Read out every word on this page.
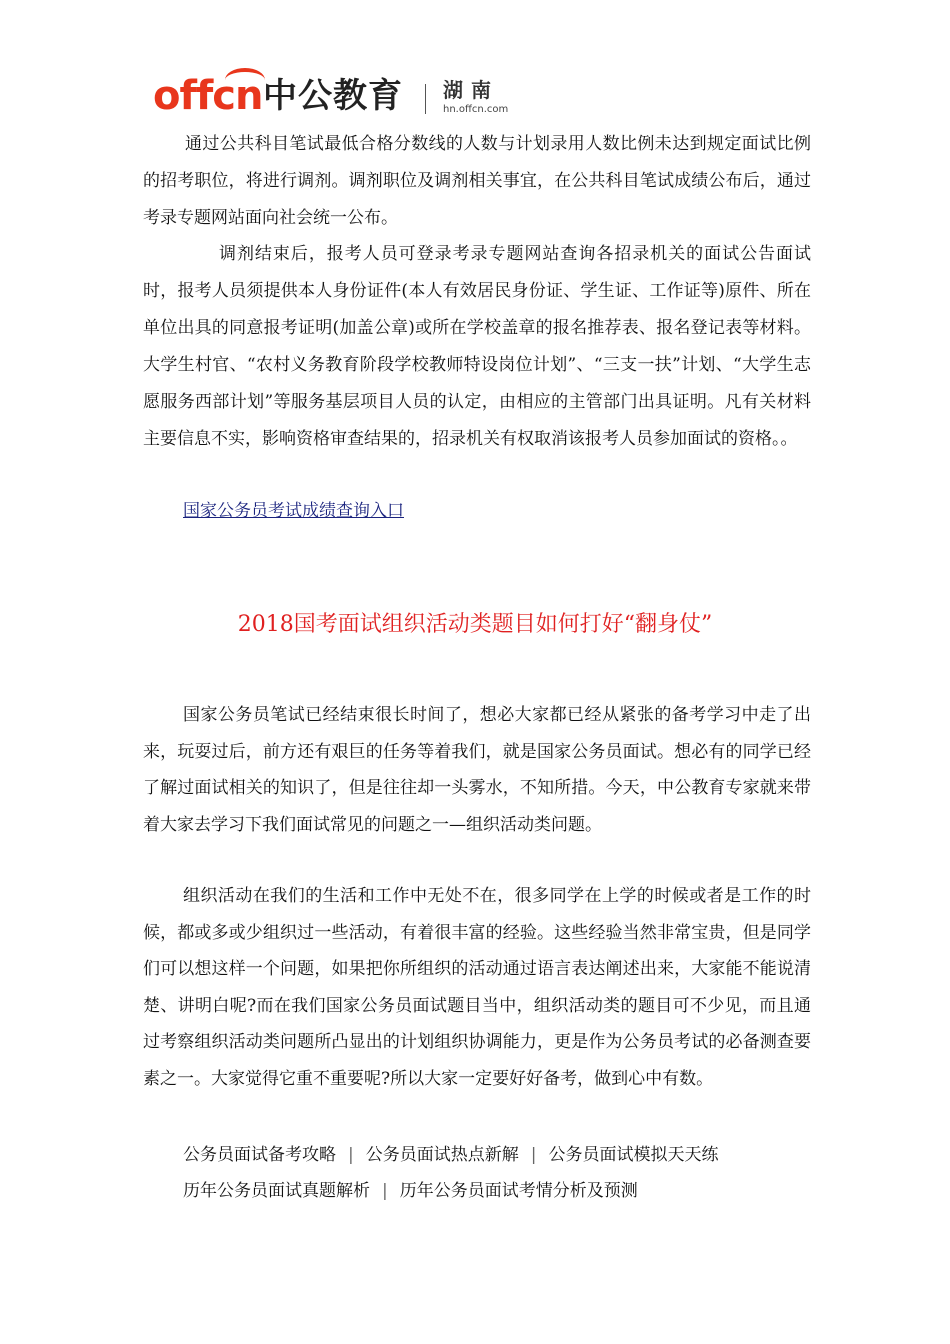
offcn 中公教育 湖南
hn.offcn.com
通过公共科目笔试最低合格分数线的人数与计划录用人数比例未达到规定面试比例的招考职位，将进行调剂。调剂职位及调剂相关事宜，在公共科目笔试成绩公布后，通过考录专题网站面向社会统一公布。
调剂结束后，报考人员可登录考录专题网站查询各招录机关的面试公告面试时，报考人员须提供本人身份证件(本人有效居民身份证、学生证、工作证等)原件、所在单位出具的同意报考证明(加盖公章)或所在学校盖章的报名推荐表、报名登记表等材料。大学生村官、“农村义务教育阶段学校教师特设岗位计划”、“三支一扶”计划、“大学生志愿服务西部计划”等服务基层项目人员的认定，由相应的主管部门出具证明。凡有关材料主要信息不实，影响资格审查结果的，招录机关有权取消该报考人员参加面试的资格。。
国家公务员考试成绩查询入口
2018国考面试组织活动类题目如何打好“翻身仗”
国家公务员笔试已经结束很长时间了，想必大家都已经从紧张的备考学习中走了出来，玩耍过后，前方还有艰巨的任务等着我们，就是国家公务员面试。想必有的同学已经了解过面试相关的知识了，但是往往却一头雾水，不知所措。今天，中公教育专家就来带着大家去学习下我们面试常见的问题之一—组织活动类问题。
组织活动在我们的生活和工作中无处不在，很多同学在上学的时候或者是工作的时候，都或多或少组织过一些活动，有着很丰富的经验。这些经验当然非常宝贵，但是同学们可以想这样一个问题，如果把你所组织的活动通过语言表达阐述出来，大家能不能说清楚、讲明白呢?而在我们国家公务员面试题目当中，组织活动类的题目可不少见，而且通过考察组织活动类问题所凸显出的计划组织协调能力，更是作为公务员考试的必备测查要素之一。大家觉得它重不重要呢?所以大家一定要好好备考，做到心中有数。
公务员面试备考攻略 | 公务员面试热点新解 | 公务员面试模拟天天练
历年公务员面试真题解析 | 历年公务员面试考情分析及预测
